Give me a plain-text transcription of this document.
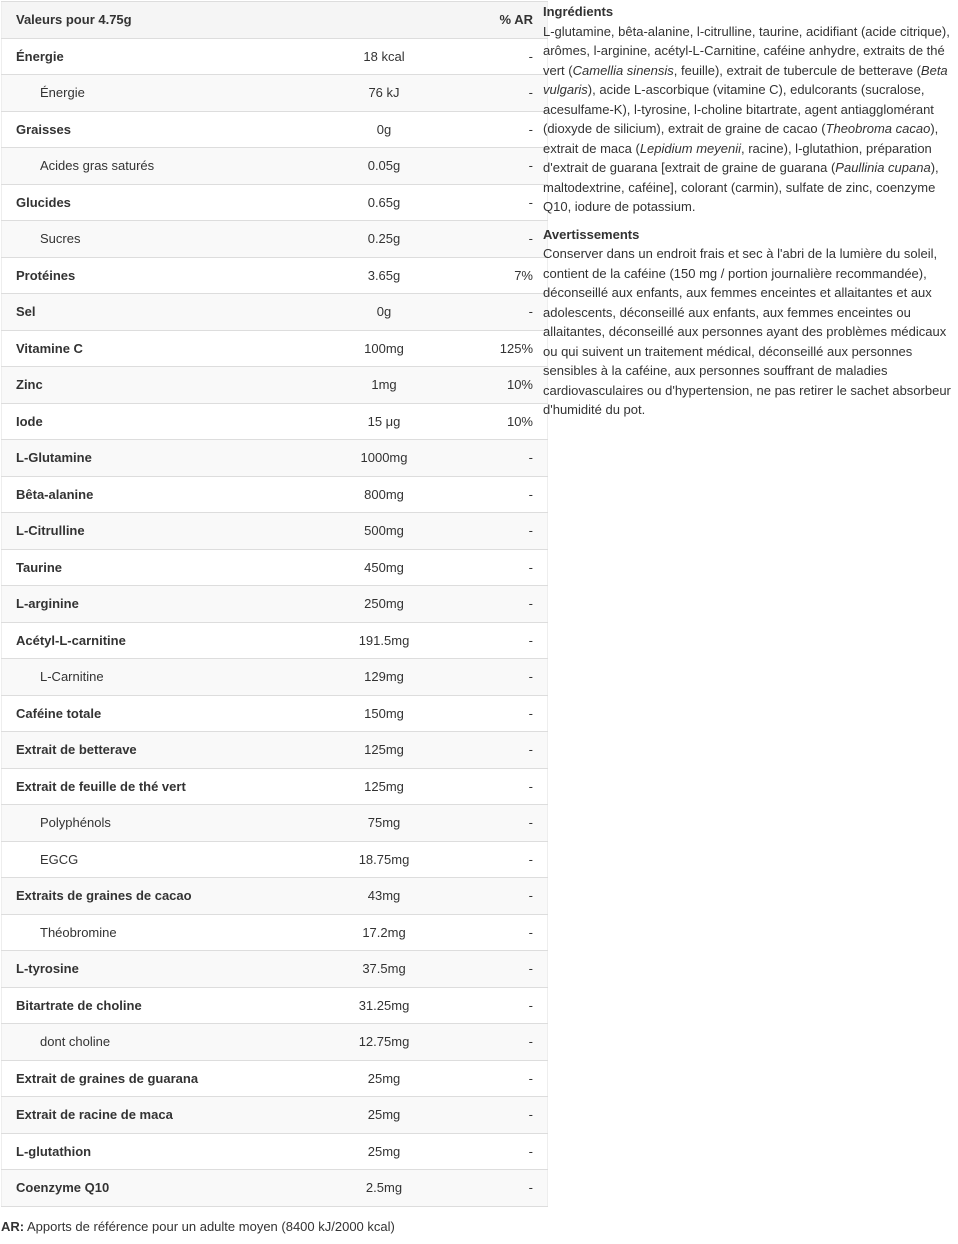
Valeurs pour 4.75g		% AR
Énergie	18 kcal	-
Énergie	76 kJ	-
Graisses	0g	-
Acides gras saturés	0.05g	-
Glucides	0.65g	-
Sucres	0.25g	-
Protéines	3.65g	7%
Sel	0g	-
Vitamine C	100mg	125%
Zinc	1mg	10%
Iode	15 μg	10%
L-Glutamine	1000mg	-
Bêta-alanine	800mg	-
L-Citrulline	500mg	-
Taurine	450mg	-
L-arginine	250mg	-
Acétyl-L-carnitine	191.5mg	-
L-Carnitine	129mg	-
Caféine totale	150mg	-
Extrait de betterave	125mg	-
Extrait de feuille de thé vert	125mg	-
Polyphénols	75mg	-
EGCG	18.75mg	-
Extraits de graines de cacao	43mg	-
Théobromine	17.2mg	-
L-tyrosine	37.5mg	-
Bitartrate de choline	31.25mg	-
dont choline	12.75mg	-
Extrait de graines de guarana	25mg	-
Extrait de racine de maca	25mg	-
L-glutathion	25mg	-
Coenzyme Q10	2.5mg	-
Ingrédients

L-glutamine, bêta-alanine, l-citrulline, taurine, acidifiant (acide citrique), arômes, l-arginine, acétyl-L-Carnitine, caféine anhydre, extraits de thé vert (Camellia sinensis, feuille), extrait de tubercule de betterave (Beta vulgaris), acide L-ascorbique (vitamine C), edulcorants (sucralose, acesulfame-K), l-tyrosine, l-choline bitartrate, agent antiagglomérant (dioxyde de silicium), extrait de graine de cacao (Theobroma cacao), extrait de maca (Lepidium meyenii, racine), l-glutathion, préparation d'extrait de guarana [extrait de graine de guarana (Paullinia cupana), maltodextrine, caféine], colorant (carmin), sulfate de zinc, coenzyme Q10, iodure de potassium.

Avertissements

Conserver dans un endroit frais et sec à l'abri de la lumière du soleil, contient de la caféine (150 mg / portion journalière recommandée), déconseillé aux enfants, aux femmes enceintes et allaitantes et aux adolescents, déconseillé aux enfants, aux femmes enceintes ou allaitantes, déconseillé aux personnes ayant des problèmes médicaux ou qui suivent un traitement médical, déconseillé aux personnes sensibles à la caféine, aux personnes souffrant de maladies cardiovasculaires ou d'hypertension, ne pas retirer le sachet absorbeur d'humidité du pot.

AR: Apports de référence pour un adulte moyen (8400 kJ/2000 kcal)
